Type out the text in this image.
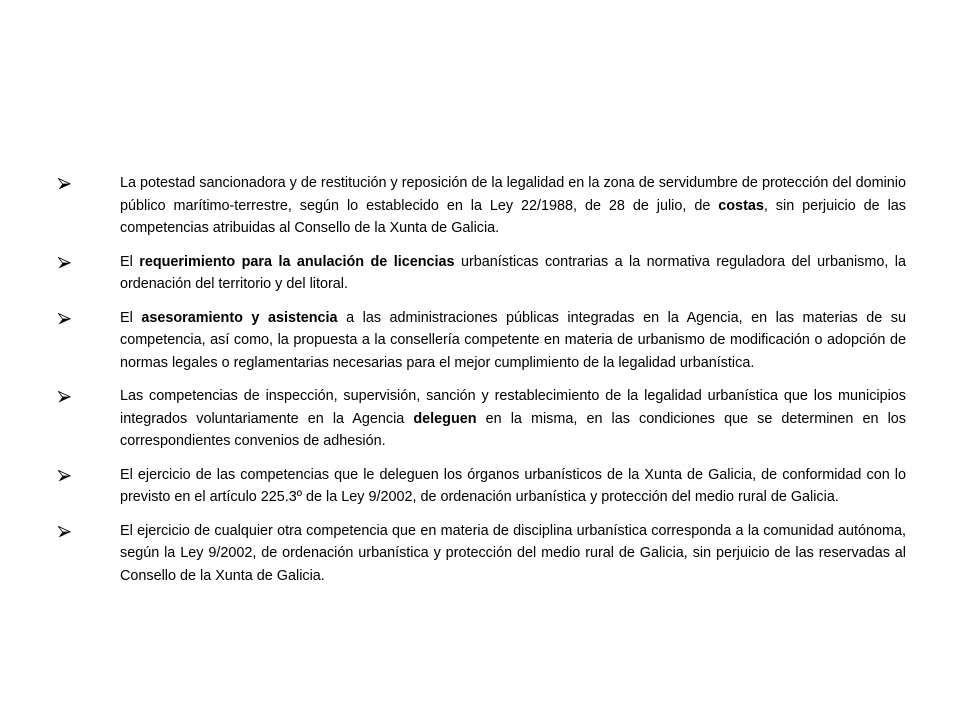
La potestad sancionadora y de restitución y reposición de la legalidad en la zona de servidumbre de protección del dominio público marítimo-terrestre, según lo establecido en la Ley 22/1988, de 28 de julio, de costas, sin perjuicio de las competencias atribuidas al Consello de la Xunta de Galicia.
El requerimiento para la anulación de licencias urbanísticas contrarias a la normativa reguladora del urbanismo, la ordenación del territorio y del litoral.
El asesoramiento y asistencia a las administraciones públicas integradas en la Agencia, en las materias de su competencia, así como, la propuesta a la consellería competente en materia de urbanismo de modificación o adopción de normas legales o reglamentarias necesarias para el mejor cumplimiento de la legalidad urbanística.
Las competencias de inspección, supervisión, sanción y restablecimiento de la legalidad urbanística que los municipios integrados voluntariamente en la Agencia deleguen en la misma, en las condiciones que se determinen en los correspondientes convenios de adhesión.
El ejercicio de las competencias que le deleguen los órganos urbanísticos de la Xunta de Galicia, de conformidad con lo previsto en el artículo 225.3º de la Ley 9/2002, de ordenación urbanística y protección del medio rural de Galicia.
El ejercicio de cualquier otra competencia que en materia de disciplina urbanística corresponda a la comunidad autónoma, según la Ley 9/2002, de ordenación urbanística y protección del medio rural de Galicia, sin perjuicio de las reservadas al Consello de la Xunta de Galicia.
